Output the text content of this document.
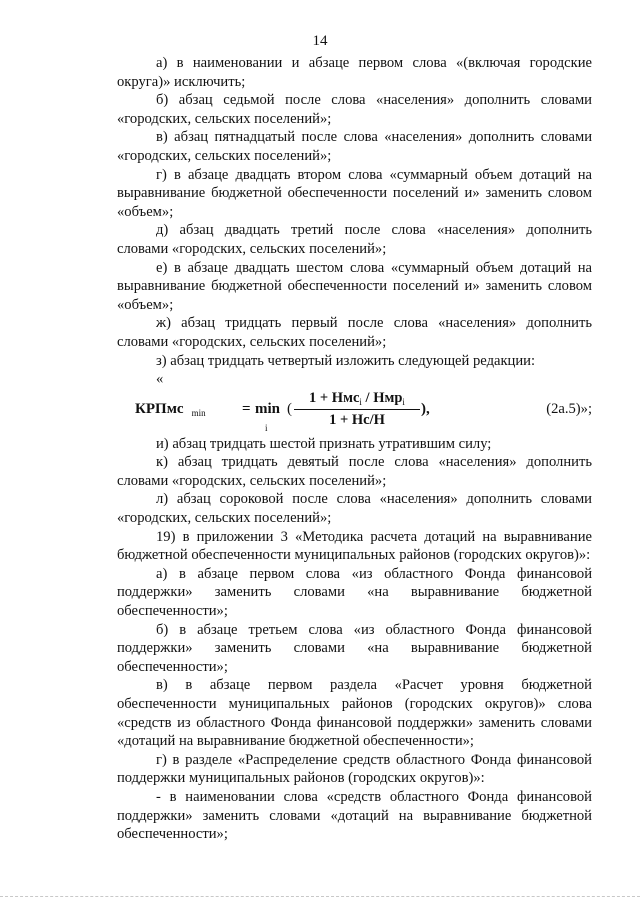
14

а) в наименовании и абзаце первом слова «(включая городские округа)» исключить;

б) абзац седьмой после слова «населения» дополнить словами «городских, сельских поселений»;

в) абзац пятнадцатый после слова «населения» дополнить словами «городских, сельских поселений»;

г) в абзаце двадцать втором слова «суммарный объем дотаций на выравнивание бюджетной обеспеченности поселений и» заменить словом «объем»;

д) абзац двадцать третий после слова «населения» дополнить словами «городских, сельских поселений»;

е) в абзаце двадцать шестом слова «суммарный объем дотаций на выравнивание бюджетной обеспеченности поселений и» заменить словом «объем»;

ж) абзац тридцать первый после слова «населения» дополнить словами «городских, сельских поселений»;

з) абзац тридцать четвертый изложить следующей редакции:

«

КРПмс $_{min}$ = min
i
(
1 + Нмс$_i$ / Нмр$_i$
1 + Нс/Н
),	(2а.5)»;

и) абзац тридцать шестой признать утратившим силу;

к) абзац тридцать девятый после слова «населения» дополнить словами «городских, сельских поселений»;

л) абзац сороковой после слова «населения» дополнить словами «городских, сельских поселений»;

19) в приложении 3 «Методика расчета дотаций на выравнивание бюджетной обеспеченности муниципальных районов (городских округов)»:

а) в абзаце первом слова «из областного Фонда финансовой поддержки» заменить словами «на выравнивание бюджетной обеспеченности»;

б) в абзаце третьем слова «из областного Фонда финансовой поддержки» заменить словами «на выравнивание бюджетной обеспеченности»;

в) в абзаце первом раздела «Расчет уровня бюджетной обеспеченности муниципальных районов (городских округов)» слова «средств из областного Фонда финансовой поддержки» заменить словами «дотаций на выравнивание бюджетной обеспеченности»;

г) в разделе «Распределение средств областного Фонда финансовой поддержки муниципальных районов (городских округов)»:

- в наименовании слова «средств областного Фонда финансовой поддержки» заменить словами «дотаций на выравнивание бюджетной обеспеченности»;
